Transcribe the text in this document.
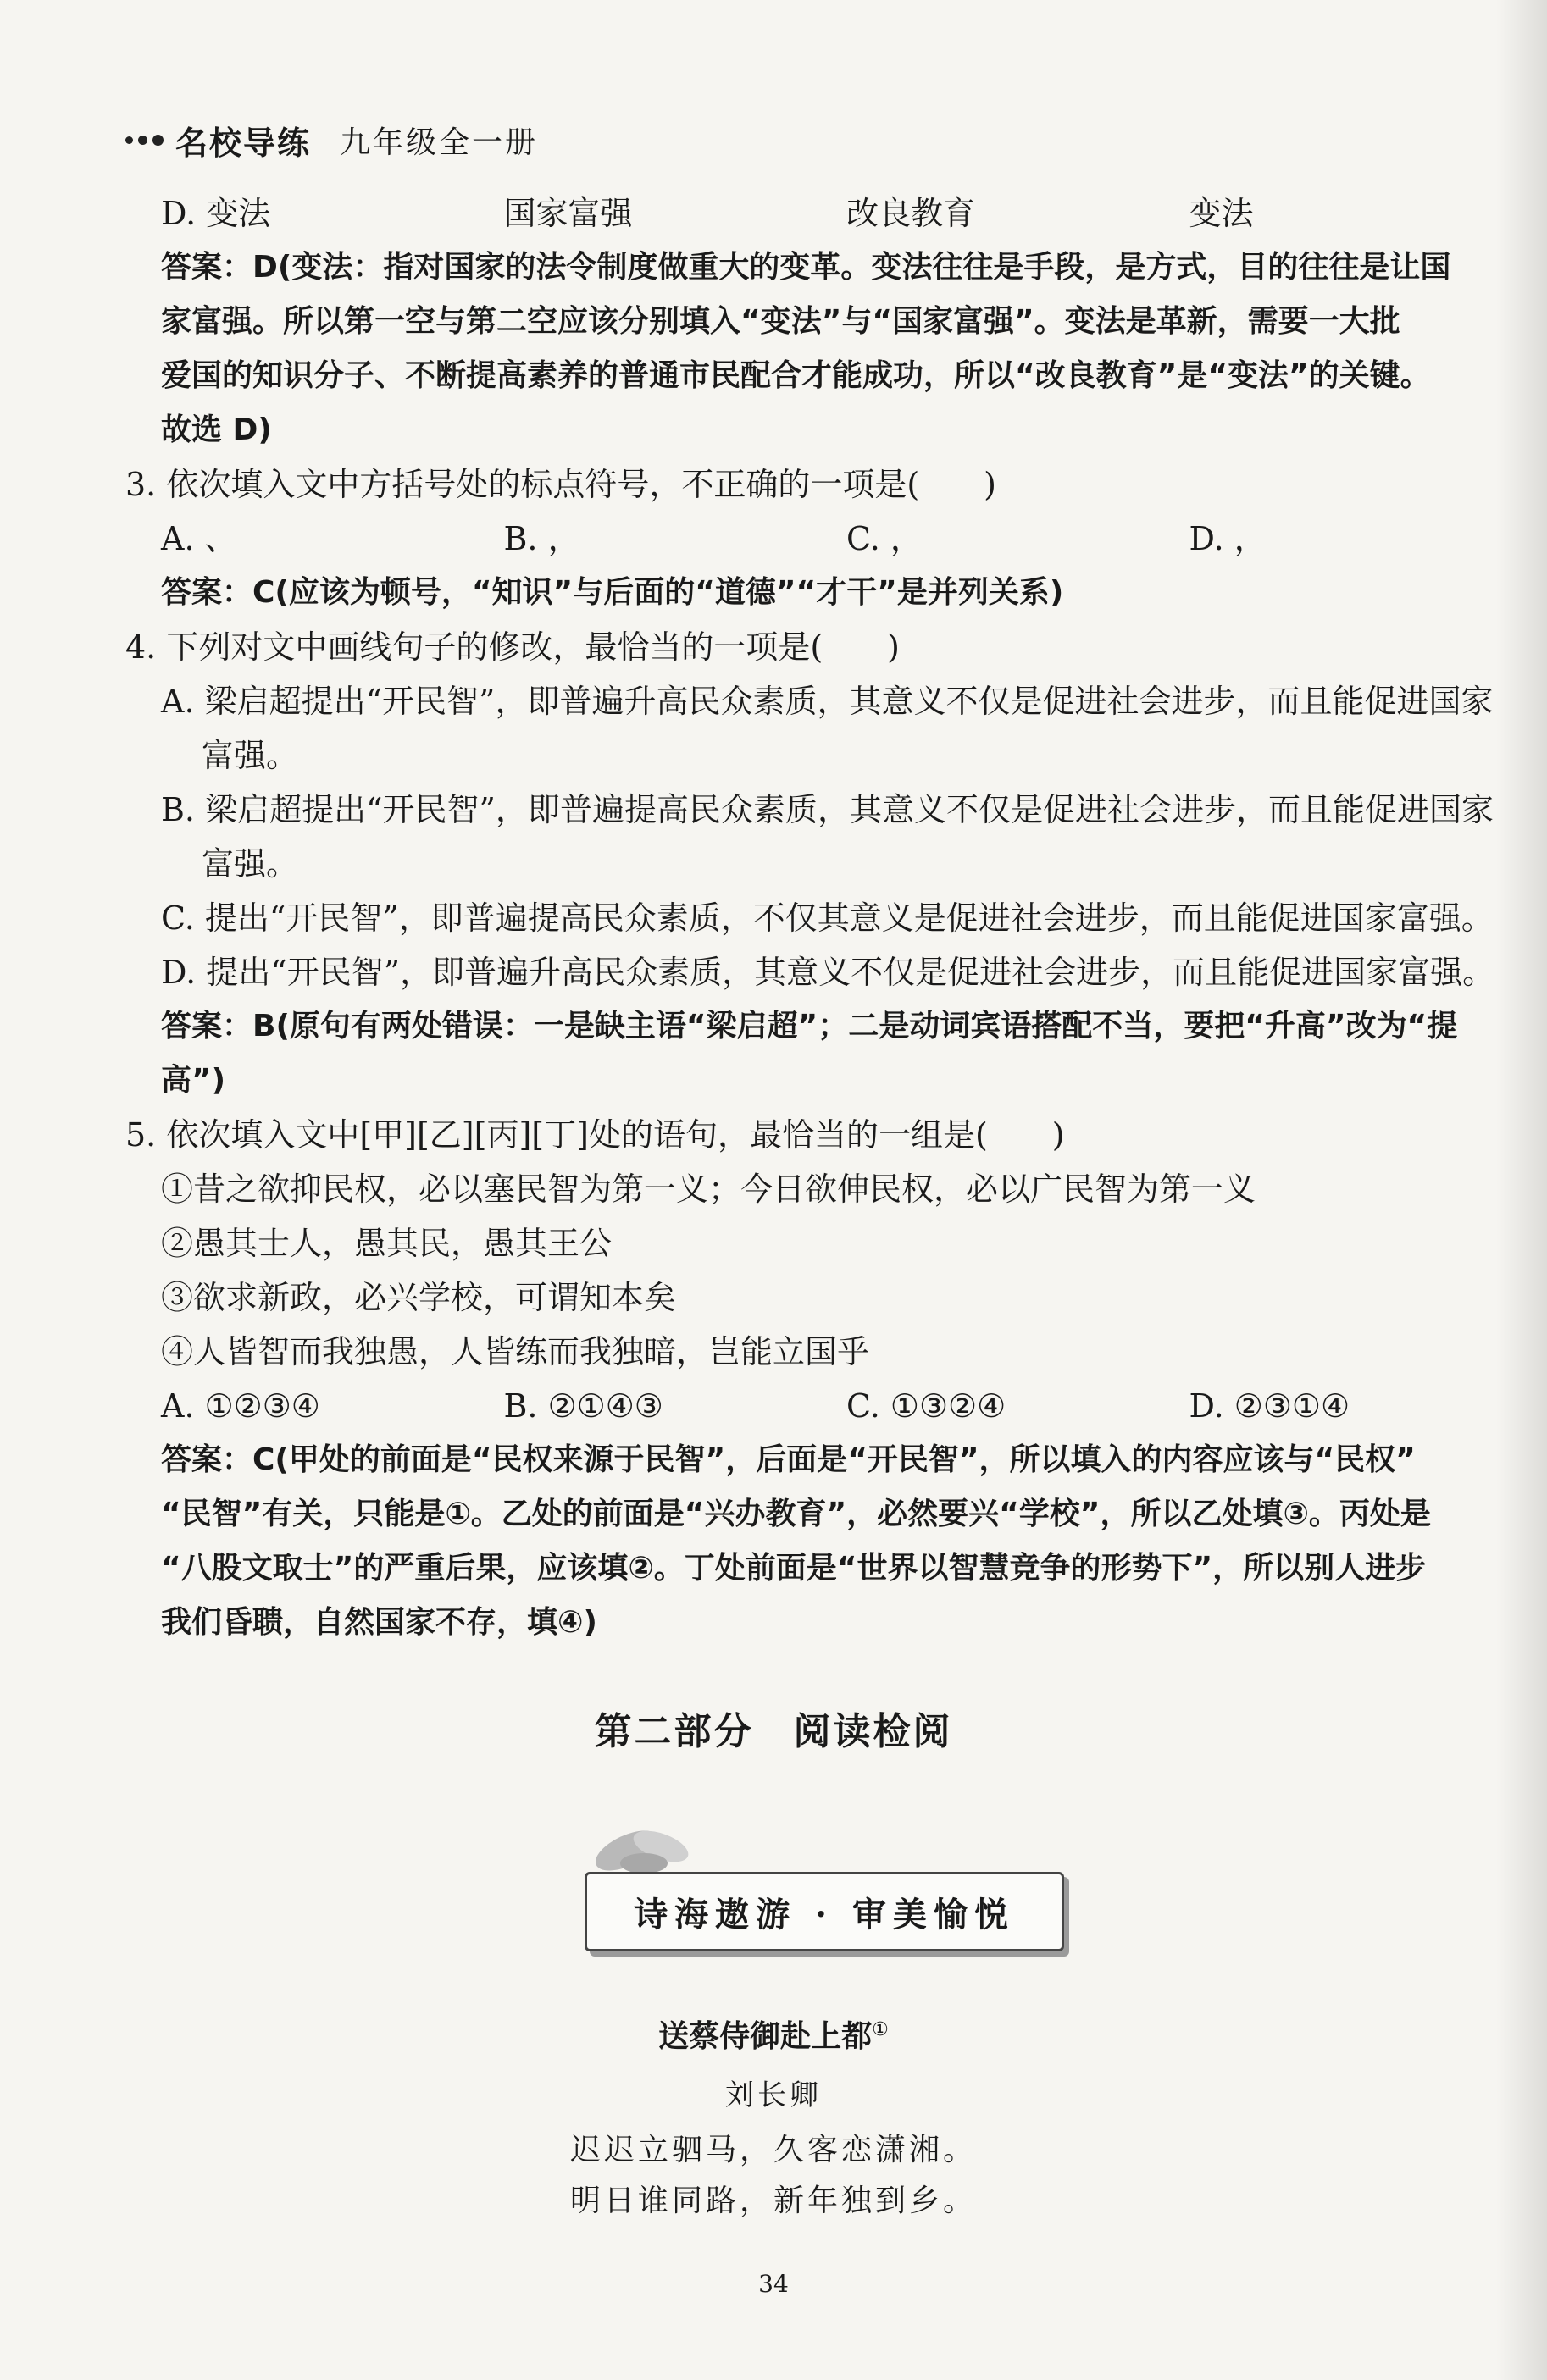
名校导练 九年级全一册
D. 变法	国家富强	改良教育	变法
答案：D(变法：指对国家的法令制度做重大的变革。变法往往是手段，是方式，目的往往是让国
家富强。所以第一空与第二空应该分别填入“变法”与“国家富强”。变法是革新，需要一大批
爱国的知识分子、不断提高素养的普通市民配合才能成功，所以“改良教育”是“变法”的关键。
故选 D)
3. 依次填入文中方括号处的标点符号，不正确的一项是(　　)
A. 、	B. ，	C. ，	D. ，
答案：C(应该为顿号，“知识”与后面的“道德”“才干”是并列关系)
4. 下列对文中画线句子的修改，最恰当的一项是(　　)
A. 梁启超提出“开民智”，即普遍升高民众素质，其意义不仅是促进社会进步，而且能促进国家
富强。
B. 梁启超提出“开民智”，即普遍提高民众素质，其意义不仅是促进社会进步，而且能促进国家
富强。
C. 提出“开民智”，即普遍提高民众素质，不仅其意义是促进社会进步，而且能促进国家富强。
D. 提出“开民智”，即普遍升高民众素质，其意义不仅是促进社会进步，而且能促进国家富强。
答案：B(原句有两处错误：一是缺主语“梁启超”；二是动词宾语搭配不当，要把“升高”改为“提
高”)
5. 依次填入文中[甲][乙][丙][丁]处的语句，最恰当的一组是(　　)
①昔之欲抑民权，必以塞民智为第一义；今日欲伸民权，必以广民智为第一义
②愚其士人，愚其民，愚其王公
③欲求新政，必兴学校，可谓知本矣
④人皆智而我独愚，人皆练而我独暗，岂能立国乎
A. ①②③④	B. ②①④③	C. ①③②④	D. ②③①④
答案：C(甲处的前面是“民权来源于民智”，后面是“开民智”，所以填入的内容应该与“民权”
“民智”有关，只能是①。乙处的前面是“兴办教育”，必然要兴“学校”，所以乙处填③。丙处是
“八股文取士”的严重后果，应该填②。丁处前面是“世界以智慧竞争的形势下”，所以别人进步
我们昏聩，自然国家不存，填④)
第二部分　阅读检阅
诗海遨游 · 审美愉悦
送蔡侍御赴上都①
刘长卿
迟迟立驷马，久客恋潇湘。
明日谁同路，新年独到乡。
34
